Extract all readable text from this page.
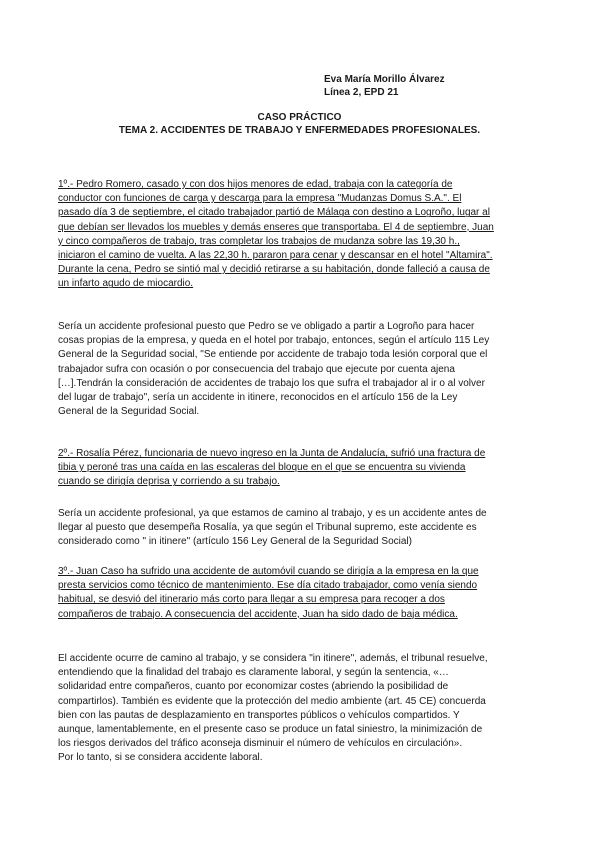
Eva María Morillo Álvarez
Línea 2, EPD 21
CASO PRÁCTICO
TEMA 2. ACCIDENTES DE TRABAJO Y ENFERMEDADES PROFESIONALES.
1º.- Pedro Romero, casado y con dos hijos menores de edad, trabaja con la categoría de
conductor con funciones de carga y descarga para la empresa "Mudanzas Domus S.A.". El
pasado día 3 de septiembre, el citado trabajador partió de Málaga con destino a Logroño, lugar al
que debían ser llevados los muebles y demás enseres que transportaba. El 4 de septiembre, Juan
y cinco compañeros de trabajo, tras completar los trabajos de mudanza sobre las 19,30 h.,
iniciaron el camino de vuelta. A las 22,30 h. pararon para cenar y descansar en el hotel "Altamira".
Durante la cena, Pedro se sintió mal y decidió retirarse a su habitación, donde falleció a causa de
un infarto agudo de miocardio.
Sería un accidente profesional puesto que Pedro se ve obligado a partir a Logroño para hacer
cosas propias de la empresa, y queda en el hotel por trabajo, entonces, según el artículo 115 Ley
General de la Seguridad social, "Se entiende por accidente de trabajo toda lesión corporal que el
trabajador sufra con ocasión o por consecuencia del trabajo que ejecute por cuenta ajena
[…].Tendrán la consideración de accidentes de trabajo los que sufra el trabajador al ir o al volver
del lugar de trabajo", sería un accidente in itinere, reconocidos en el artículo 156 de la Ley
General de la Seguridad Social.
2º.- Rosalía Pérez, funcionaria de nuevo ingreso en la Junta de Andalucía, sufrió una fractura de
tibia y peroné tras una caída en las escaleras del bloque en el que se encuentra su vivienda
cuando se dirigía deprisa y corriendo a su trabajo.
Sería un accidente profesional, ya que estamos de camino al trabajo, y es un accidente antes de
llegar al puesto que desempeña Rosalía, ya que según el Tribunal supremo, este accidente es
considerado como " in itinere" (artículo 156 Ley General de la Seguridad Social)
3º.- Juan Caso ha sufrido una accidente de automóvil cuando se dirigía a la empresa en la que
presta servicios como técnico de mantenimiento. Ese día citado trabajador, como venía siendo
habitual, se desvió del itinerario más corto para llegar a su empresa para recoger a dos
compañeros de trabajo. A consecuencia del accidente, Juan ha sido dado de baja médica.
El accidente ocurre de camino al trabajo, y se considera "in itinere", además, el tribunal resuelve,
entendiendo que la finalidad del trabajo es claramente laboral, y según la sentencia, «…
solidaridad entre compañeros, cuanto por economizar costes (abriendo la posibilidad de
compartirlos). También es evidente que la protección del medio ambiente (art. 45 CE) concuerda
bien con las pautas de desplazamiento en transportes públicos o vehículos compartidos. Y
aunque, lamentablemente, en el presente caso se produce un fatal siniestro, la minimización de
los riesgos derivados del tráfico aconseja disminuir el número de vehículos en circulación».
Por lo tanto, si se considera accidente laboral.
